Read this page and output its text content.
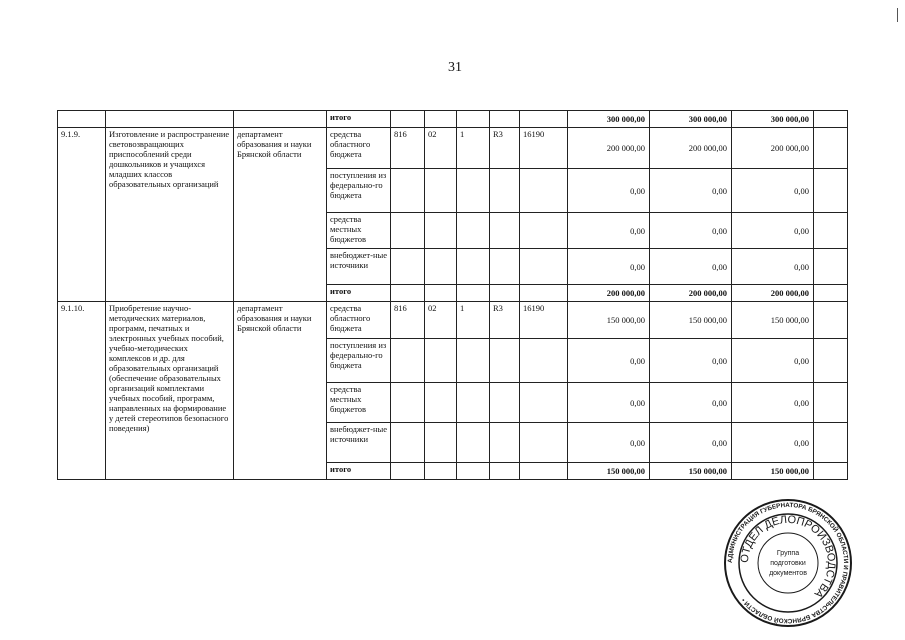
31
			итого						300 000,00	300 000,00	300 000,00	
9.1.9.	Изготовление и распространение световозвращающих приспособлений среди дошкольников и учащихся младших классов образовательных организаций	департамент образования и науки Брянской области	средства областного бюджета	816	02	1	R3	16190	200 000,00	200 000,00	200 000,00	
			поступления из федерально-го бюджета						0,00	0,00	0,00	
			средства местных бюджетов						0,00	0,00	0,00	
			внебюджет-ные источники						0,00	0,00	0,00	
			итого						200 000,00	200 000,00	200 000,00	
9.1.10.	Приобретение научно-методических материалов, программ, печатных и электронных учебных пособий, учебно-методических комплексов и др. для образовательных организаций (обеспечение образовательных организаций комплектами учебных пособий, программ, направленных на формирование у детей стереотипов безопасного поведения)	департамент образования и науки Брянской области	средства областного бюджета	816	02	1	R3	16190	150 000,00	150 000,00	150 000,00	
			поступления из федерально-го бюджета						0,00	0,00	0,00	
			средства местных бюджетов						0,00	0,00	0,00	
			внебюджет-ные источники						0,00	0,00	0,00	
			итого						150 000,00	150 000,00	150 000,00	
АДМИНИСТРАЦИЯ ГУБЕРНАТОРА БРЯНСКОЙ ОБЛАСТИ И ПРАВИТЕЛЬСТВА БРЯНСКОЙ ОБЛАСТИ •
ОТДЕЛ ДЕЛОПРОИЗВОДСТВА
Группа
подготовки
документов
